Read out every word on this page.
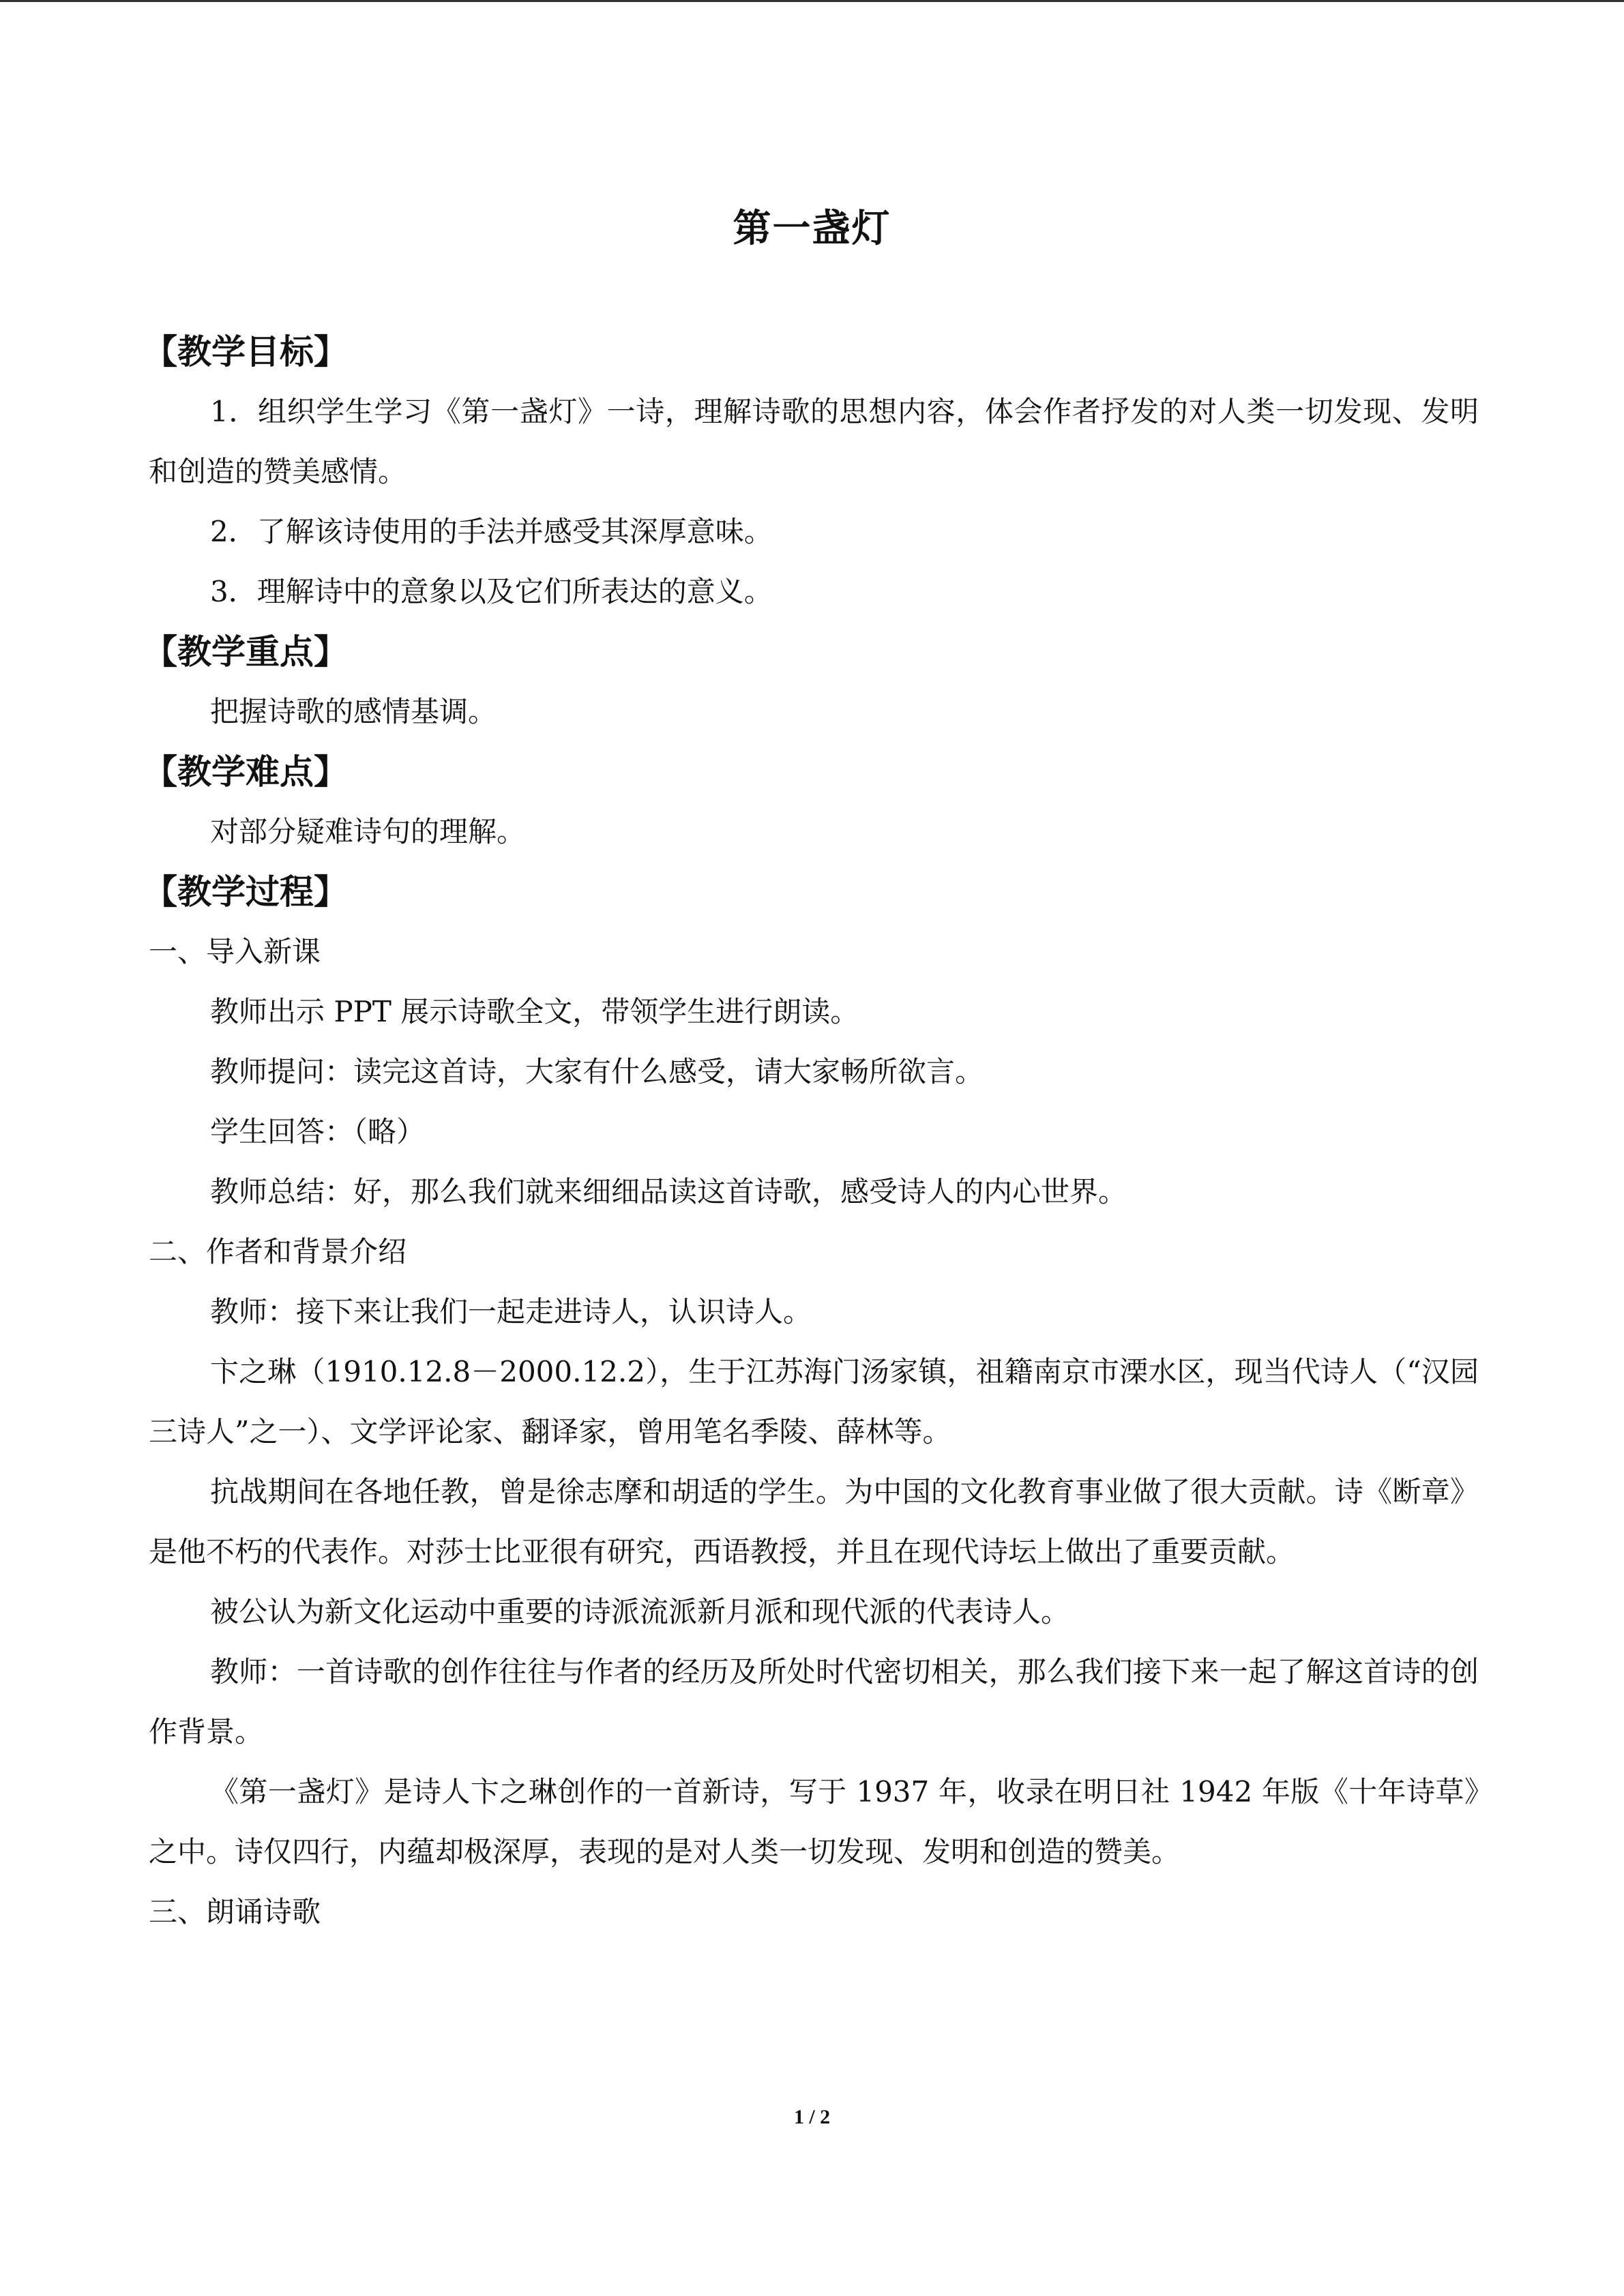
第一盏灯
【教学目标】

1．组织学生学习《第一盏灯》一诗，理解诗歌的思想内容，体会作者抒发的对人类一切发现、发明和创造的赞美感情。

2．了解该诗使用的手法并感受其深厚意味。

3．理解诗中的意象以及它们所表达的意义。

【教学重点】

把握诗歌的感情基调。

【教学难点】

对部分疑难诗句的理解。

【教学过程】

一、导入新课

教师出示 PPT 展示诗歌全文，带领学生进行朗读。

教师提问：读完这首诗，大家有什么感受，请大家畅所欲言。

学生回答：（略）

教师总结：好，那么我们就来细细品读这首诗歌，感受诗人的内心世界。

二、作者和背景介绍

教师：接下来让我们一起走进诗人，认识诗人。

卞之琳（1910.12.8－2000.12.2），生于江苏海门汤家镇，祖籍南京市溧水区，现当代诗人（“汉园三诗人”之一）、文学评论家、翻译家，曾用笔名季陵、薛林等。

抗战期间在各地任教，曾是徐志摩和胡适的学生。为中国的文化教育事业做了很大贡献。诗《断章》是他不朽的代表作。对莎士比亚很有研究，西语教授，并且在现代诗坛上做出了重要贡献。

被公认为新文化运动中重要的诗派流派新月派和现代派的代表诗人。

教师：一首诗歌的创作往往与作者的经历及所处时代密切相关，那么我们接下来一起了解这首诗的创作背景。

《第一盏灯》是诗人卞之琳创作的一首新诗，写于 1937 年，收录在明日社 1942 年版《十年诗草》之中。诗仅四行，内蕴却极深厚，表现的是对人类一切发现、发明和创造的赞美。

三、朗诵诗歌

1 / 2
